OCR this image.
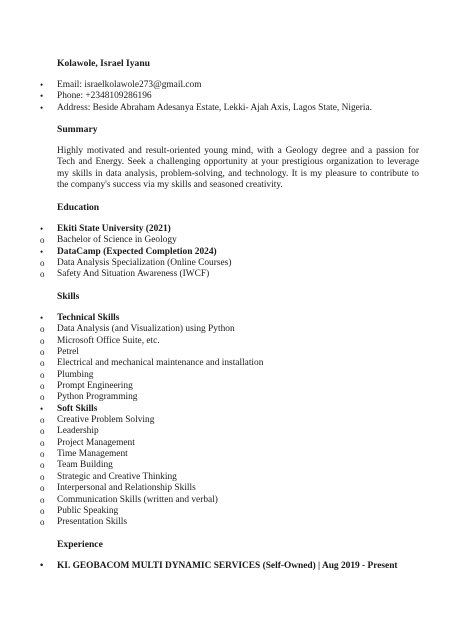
Kolawole, Israel Iyanu
•	Email: israelkolawole273@gmail.com
•	Phone: +2348109286196
•	Address: Beside Abraham Adesanya Estate, Lekki- Ajah Axis, Lagos State, Nigeria.
Summary
Highly motivated and result-oriented young mind, with a Geology degree and a passion for Tech and Energy. Seek a challenging opportunity at your prestigious organization to leverage my skills in data analysis, problem-solving, and technology. It is my pleasure to contribute to the company's success via my skills and seasoned creativity.
Education
•	Ekiti State University (2021)
o	Bachelor of Science in Geology
•	DataCamp (Expected Completion 2024)
o	Data Analysis Specialization (Online Courses)
o	Safety And Situation Awareness (IWCF)
Skills
•	Technical Skills
o	Data Analysis (and Visualization) using Python
o	Microsoft Office Suite, etc.
o	Petrel
o	Electrical and mechanical maintenance and installation
o	Plumbing
o	Prompt Engineering
o	Python Programming
•	Soft Skills
o	Creative Problem Solving
o	Leadership
o	Project Management
o	Time Management
o	Team Building
o	Strategic and Creative Thinking
o	Interpersonal and Relationship Skills
o	Communication Skills (written and verbal)
o	Public Speaking
o	Presentation Skills
Experience
• KI. GEOBACOM MULTI DYNAMIC SERVICES (Self-Owned) | Aug 2019 - Present
